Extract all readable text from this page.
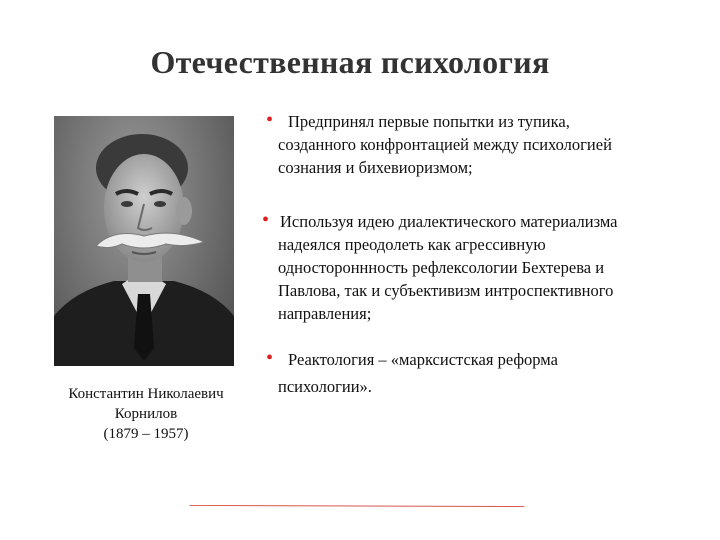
Отечественная психология
Константин Николаевич
Корнилов
(1879 – 1957)
• Предпринял первые попытки из тупика,
созданного конфронтацией между психологией
сознания и бихевиоризмом;
• Используя идею диалектического материализма
надеялся преодолеть как агрессивную
одностороннность рефлексологии Бехтерева и
Павлова, так и субъективизм интроспективного
направления;
• Реактология – «марксистская реформа
психологии».
